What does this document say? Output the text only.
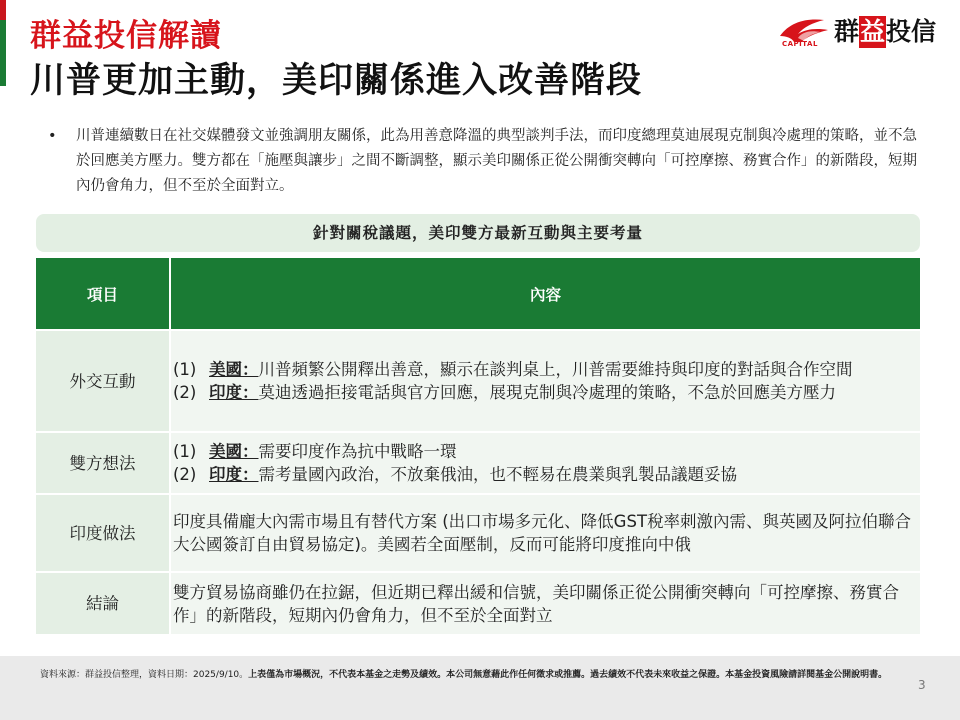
群益投信解讀
川普更加主動，美印關係進入改善階段
CAPITAL 群益投信
• 川普連續數日在社交媒體發文並強調朋友關係，此為用善意降溫的典型談判手法，而印度總理莫迪展現克制與冷處理的策略，並不急於回應美方壓力。雙方都在「施壓與讓步」之間不斷調整，顯示美印關係正從公開衝突轉向「可控摩擦、務實合作」的新階段，短期內仍會角力，但不至於全面對立。
針對關稅議題，美印雙方最新互動與主要考量
項目	內容
外交互動	(1) 美國：川普頻繁公開釋出善意，顯示在談判桌上，川普需要維持與印度的對話與合作空間
(2) 印度：莫迪透過拒接電話與官方回應，展現克制與冷處理的策略，不急於回應美方壓力

雙方想法	(1) 美國：需要印度作為抗中戰略一環
(2) 印度：需考量國內政治，不放棄俄油，也不輕易在農業與乳製品議題妥協

印度做法	印度具備龐大內需市場且有替代方案 (出口市場多元化、降低GST稅率刺激內需、與英國及阿拉伯聯合大公國簽訂自由貿易協定)。美國若全面壓制，反而可能將印度推向中俄
結論	雙方貿易協商雖仍在拉鋸，但近期已釋出緩和信號，美印關係正從公開衝突轉向「可控摩擦、務實合作」的新階段，短期內仍會角力，但不至於全面對立
資料來源：群益投信整理，資料日期：2025/9/10。上表僅為市場概況，不代表本基金之走勢及績效。本公司無意藉此作任何徵求或推薦。過去績效不代表未來收益之保證。本基金投資風險請詳閱基金公開說明書。
3
